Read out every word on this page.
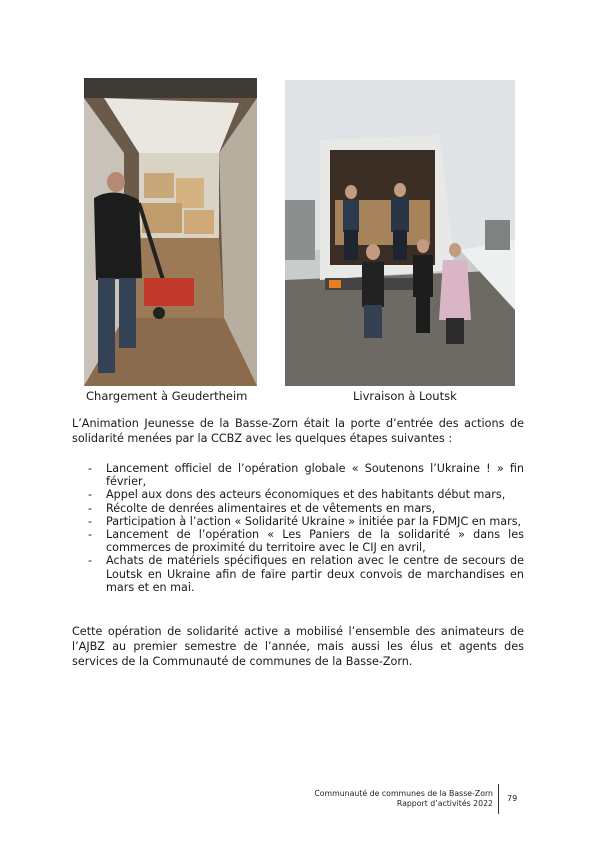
Chargement à Geudertheim	Livraison à Loutsk

L’Animation Jeunesse de la Basse-Zorn était la porte d’entrée des actions de solidarité menées par la CCBZ avec les quelques étapes suivantes :

- Lancement officiel de l’opération globale « Soutenons l’Ukraine ! » fin février,
- Appel aux dons des acteurs économiques et des habitants début mars,
- Récolte de denrées alimentaires et de vêtements en mars,
- Participation à l’action « Solidarité Ukraine » initiée par la FDMJC en mars,
- Lancement de l’opération « Les Paniers de la solidarité » dans les commerces de proximité du territoire avec le CIJ en avril,
- Achats de matériels spécifiques en relation avec le centre de secours de Loutsk en Ukraine afin de faire partir deux convois de marchandises en mars et en mai.

Cette opération de solidarité active a mobilisé l’ensemble des animateurs de l’AJBZ au premier semestre de l’année, mais aussi les élus et agents des services de la Communauté de communes de la Basse-Zorn.

Communauté de communes de la Basse-Zorn
Rapport d’activités 2022
79
